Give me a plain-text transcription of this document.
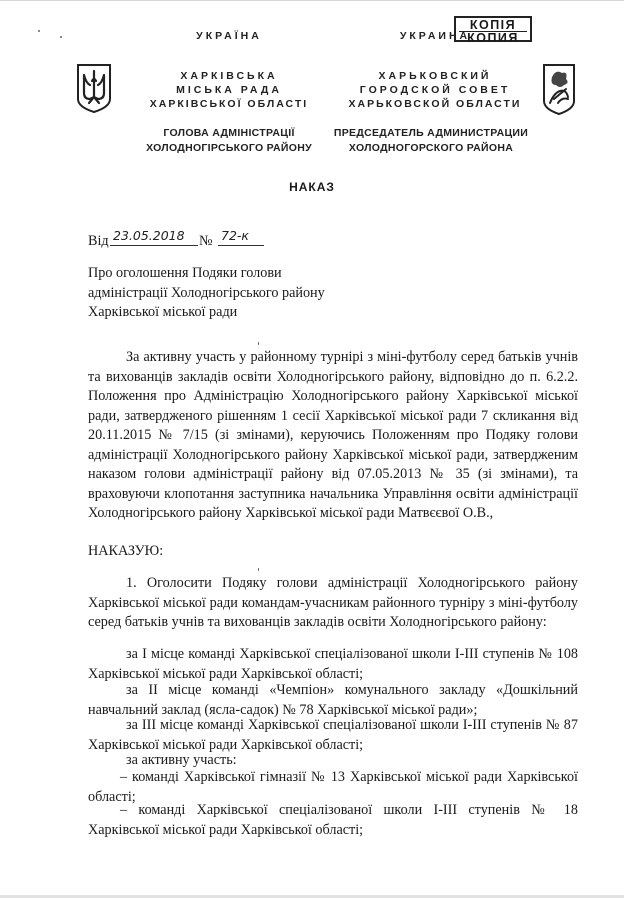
КОПІЯ
КОПИЯ
УКРАЇНА
ХАРКІВСЬКА
МІСЬКА РАДА
ХАРКІВСЬКОЇ ОБЛАСТІ
ГОЛОВА АДМІНІСТРАЦІЇ
ХОЛОДНОГІРСЬКОГО РАЙОНУ
УКРАИНА
ХАРЬКОВСКИЙ
ГОРОДСКОЙ СОВЕТ
ХАРЬКОВСКОЙ ОБЛАСТИ
ПРЕДСЕДАТЕЛЬ АДМИНИСТРАЦИИ
ХОЛОДНОГОРСКОГО РАЙОНА
НАКАЗ
Від 23.05.2018 № 72-к
Про оголошення Подяки голови
адміністрації Холодногірського району
Харківської міської ради
За активну участь у районному турнірі з міні-футболу серед батьків учнів та вихованців закладів освіти Холодногірського району, відповідно до п. 6.2.2. Положення про Адміністрацію Холодногірського району Харківської міської ради, затвердженого рішенням 1 сесії Харківської міської ради 7 скликання від 20.11.2015 № 7/15 (зі змінами), керуючись Положенням про Подяку голови адміністрації Холодногірського району Харківської міської ради, затвердженим наказом голови адміністрації району від 07.05.2013 № 35 (зі змінами), та враховуючи клопотання заступника начальника Управління освіти адміністрації Холодногірського району Харківської міської ради Матвєєвої О.В.,
НАКАЗУЮ:
1. Оголосити Подяку голови адміністрації Холодногірського району Харківської міської ради командам-учасникам районного турніру з міні-футболу серед батьків учнів та вихованців закладів освіти Холодногірського району:
за І місце команді Харківської спеціалізованої школи І-ІІІ ступенів № 108 Харківської міської ради Харківської області;
за ІІ місце команді «Чемпіон» комунального закладу «Дошкільний навчальний заклад (ясла-садок) № 78 Харківської міської ради»;
за ІІІ місце команді Харківської спеціалізованої школи І-ІІІ ступенів № 87 Харківської міської ради Харківської області;
за активну участь:
– команді Харківської гімназії № 13 Харківської міської ради Харківської області;
– команді Харківської спеціалізованої школи І-ІІІ ступенів № 18 Харківської міської ради Харківської області;
